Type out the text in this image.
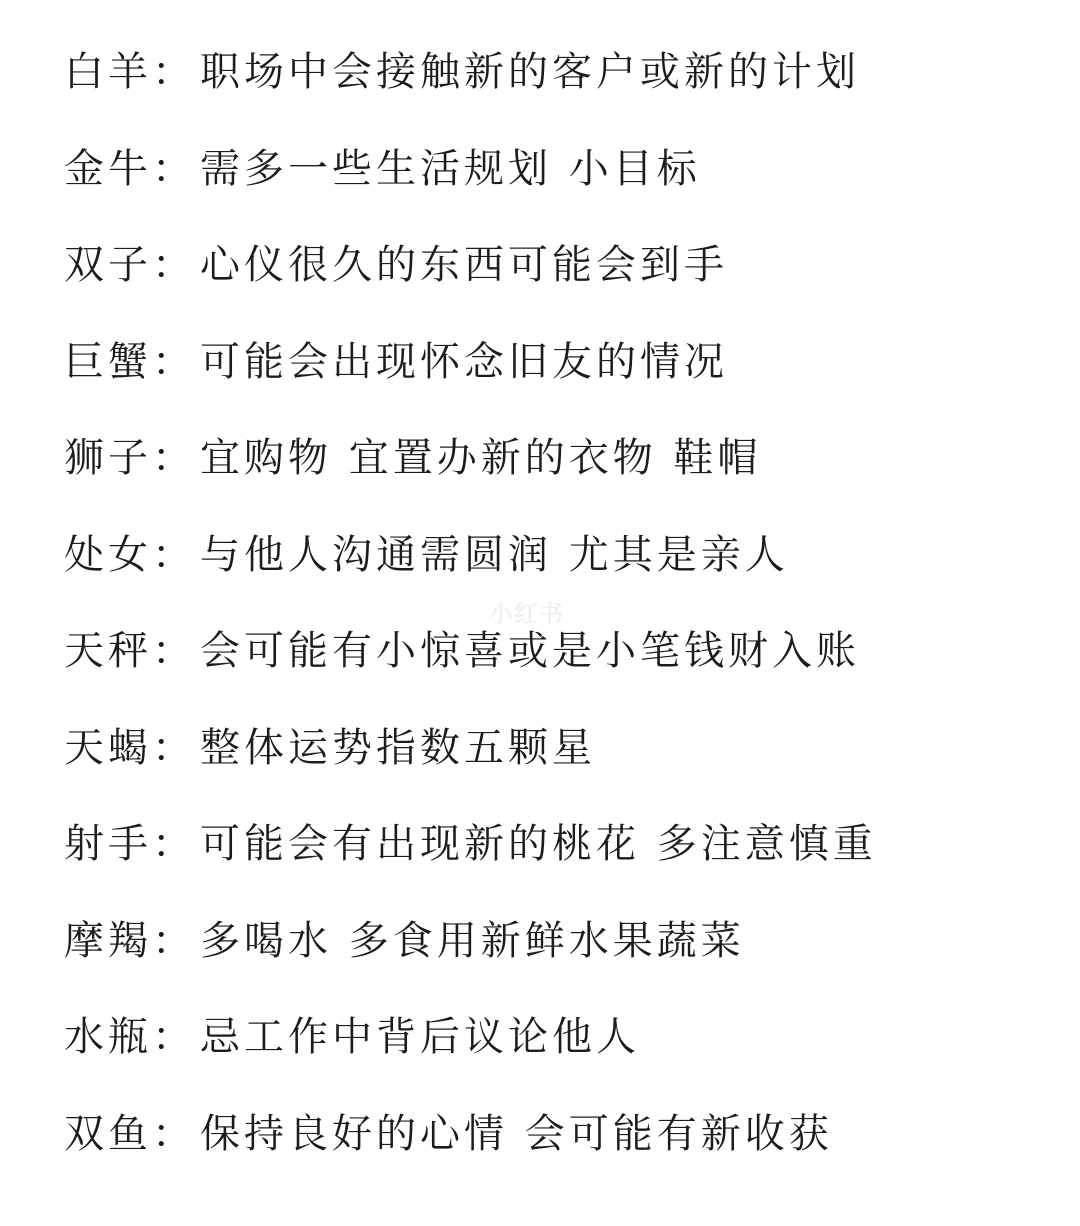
白羊 ： 职场中会接触新的客户或新的计划
金牛 ： 需多一些生活规划 小目标
双子 ： 心仪很久的东西可能会到手
巨蟹 ： 可能会出现怀念旧友的情况
狮子 ： 宜购物 宜置办新的衣物 鞋帽
处女 ： 与他人沟通需圆润 尤其是亲人
天秤 ： 会可能有小惊喜或是小笔钱财入账
天蝎 ： 整体运势指数五颗星
射手 ： 可能会有出现新的桃花 多注意慎重
摩羯 ： 多喝水 多食用新鲜水果蔬菜
水瓶 ： 忌工作中背后议论他人
双鱼 ： 保持良好的心情 会可能有新收获
小红书
